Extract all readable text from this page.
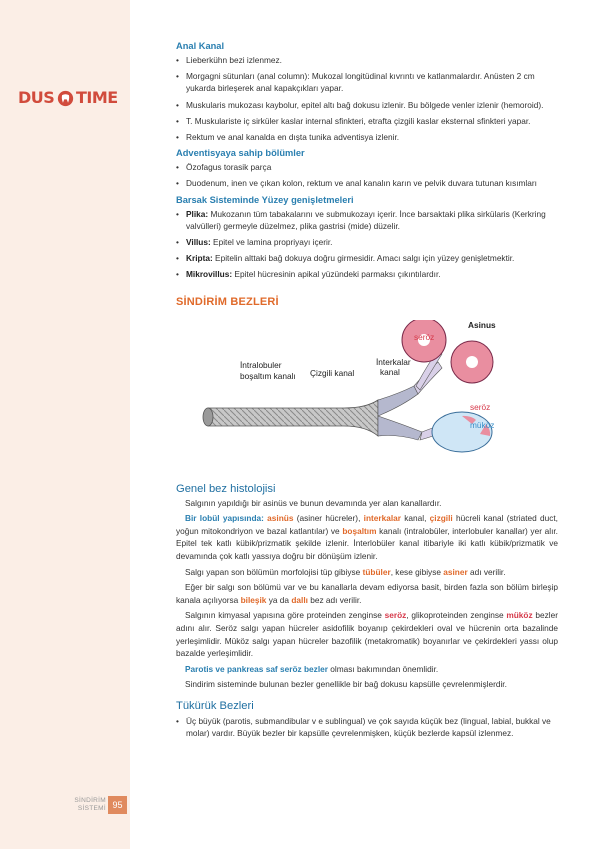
DUS TIME
SİNDİRİM
SİSTEMİ 95
Anal Kanal
• Lieberkühn bezi izlenmez.
• Morgagni sütunları (anal column): Mukozal longitüdinal kıvrıntı ve katlanmalardır. Anüsten 2 cm yukarda birleşerek anal kapakçıkları yapar.
• Muskularis mukozası kaybolur, epitel altı bağ dokusu izlenir. Bu bölgede venler izlenir (hemoroid).
• T. Muskulariste iç sirküler kaslar internal sfinkteri, etrafta çizgili kaslar eksternal sfinkteri yapar.
• Rektum ve anal kanalda en dışta tunika adventisya izlenir.
Adventisyaya sahip bölümler
• Özofagus torasik parça
• Duodenum, inen ve çıkan kolon, rektum ve anal kanalın karın ve pelvik duvara tutunan kısımları
Barsak Sisteminde Yüzey genişletmeleri
• Plika: Mukozanın tüm tabakalarını ve submukozayı içerir. İnce barsaktaki plika sirkülaris (Kerkring valvülleri) germeyle düzelmez, plika gastrisi (mide) düzelir.
• Villus: Epitel ve lamina propriyayı içerir.
• Kripta: Epitelin alttaki bağ dokuya doğru girmesidir. Amacı salgı için yüzey genişletmektir.
• Mikrovillus: Epitel hücresinin apikal yüzündeki parmaksı çıkıntılardır.
SİNDİRİM BEZLERİ
Asinus
seröz
İnterkalar
kanal
İntralobuler
boşaltım kanalı Çizgili kanal
seröz
müköz
Genel bez histolojisi

Salgının yapıldığı bir asinüs ve bunun devamında yer alan kanallardır.

Bir lobül yapısında: asinüs (asiner hücreler), interkalar kanal, çizgili hücreli kanal (striated duct, yoğun mitokondriyon ve bazal katlantılar) ve boşaltım kanalı (intralobüler, interlobuler kanallar) yer alır. Epitel tek katlı kübik/prizmatik şekilde izlenir. İnterlobüler kanal itibariyle iki katlı kübik/prizmatik ve devamında çok katlı yassıya doğru bir dönüşüm izlenir.

Salgı yapan son bölümün morfolojisi tüp gibiyse tübüler, kese gibiyse asiner adı verilir.

Eğer bir salgı son bölümü var ve bu kanallarla devam ediyorsa basit, birden fazla son bölüm birleşip kanala açılıyorsa bileşik ya da dallı bez adı verilir.

Salgının kimyasal yapısına göre proteinden zenginse seröz, glikoproteinden zenginse müköz bezler adını alır. Seröz salgı yapan hücreler asidofilik boyanıp çekirdekleri oval ve hücrenin orta bazalinde yerleşimlidir. Müköz salgı yapan hücreler bazofilik (metakromatik) boyanırlar ve çekirdekleri yassı olup bazalde yerleşimlidir.

Parotis ve pankreas saf seröz bezler olması bakımından önemlidir.

Sindirim sisteminde bulunan bezler genellikle bir bağ dokusu kapsülle çevrelenmişlerdir.

Tükürük Bezleri
• Üç büyük (parotis, submandibular v e sublingual) ve çok sayıda küçük bez (lingual, labial, bukkal ve molar) vardır. Büyük bezler bir kapsülle çevrelenmişken, küçük bezlerde kapsül izlenmez.
